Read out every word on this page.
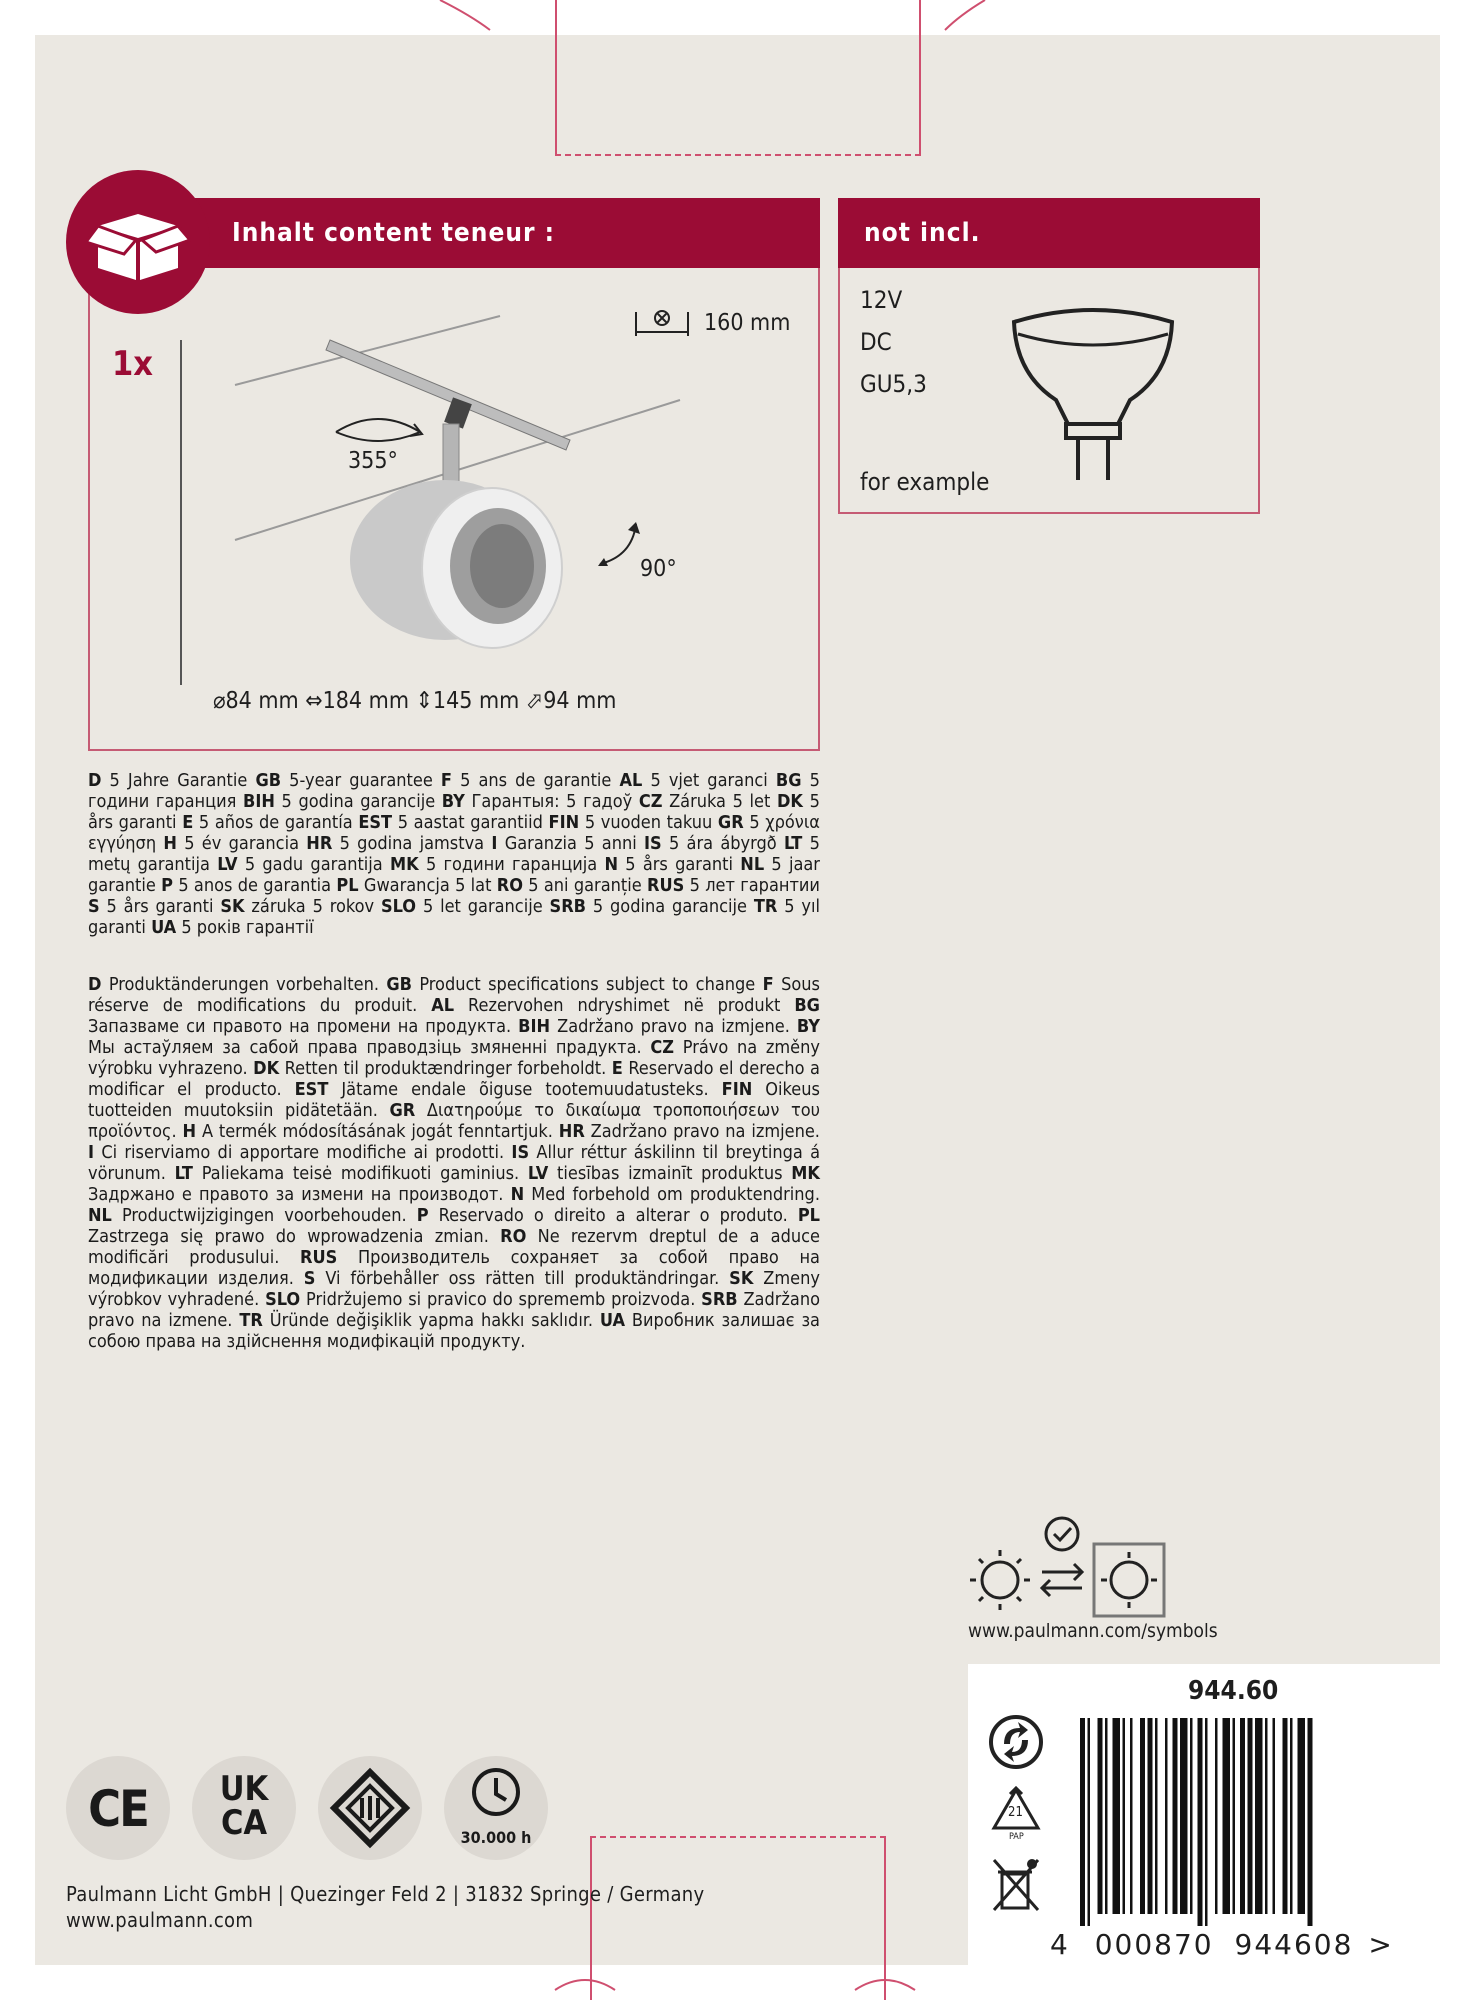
Inhalt content teneur :
1x
160 mm
355°
90°
⌀84 mm ⇔184 mm ⇕145 mm ⬀94 mm
not incl.
12V
DC
GU5,3
for example
D 5 Jahre Garantie GB 5-year guarantee F 5 ans de garantie AL 5 vjet garanci BG 5 години гаранция BIH 5 godina garancije BY Гарантыя: 5 гадоў CZ Záruka 5 let DK 5 års garanti E 5 años de garantía EST 5 aastat garantiid FIN 5 vuoden takuu GR 5 χρόνια εγγύηση H 5 év garancia HR 5 godina jamstva I Garanzia 5 anni IS 5 ára ábyrgð LT 5 metų garantija LV 5 gadu garantija MK 5 години гаранција N 5 års garanti NL 5 jaar garantie P 5 anos de garantia PL Gwarancja 5 lat RO 5 ani garanție RUS 5 лет гарантии S 5 års garanti SK záruka 5 rokov SLO 5 let garancije SRB 5 godina garancije TR 5 yıl garanti UA 5 років гарантії
D Produktänderungen vorbehalten. GB Product specifications subject to change F Sous réserve de modifications du produit. AL Rezervohen ndryshimet në produkt BG Запазваме си правото на промени на продукта. BIH Zadržano pravo na izmjene. BY Мы астаўляем за сабой права праводзіць змяненні прадукта. CZ Právo na změny výrobku vyhrazeno. DK Retten til produktændringer forbeholdt. E Reservado el derecho a modificar el producto. EST Jätame endale õiguse tootemuudatusteks. FIN Oikeus tuotteiden muutoksiin pidätetään. GR Διατηρούμε το δικαίωμα τροποποιήσεων του προϊόντος. H A termék módosításának jogát fenntartjuk. HR Zadržano pravo na izmjene. I Ci riserviamo di apportare modifiche ai prodotti. IS Allur réttur áskilinn til breytinga á vörunum. LT Paliekama teisė modifikuoti gaminius. LV tiesības izmainīt produktus MK Задржано е правото за измени на производот. N Med forbehold om produktendring. NL Productwijzigingen voorbehouden. P Reservado o direito a alterar o produto. PL Zastrzega się prawo do wprowadzenia zmian. RO Ne rezervm dreptul de a aduce modificări produsului. RUS Производитель сохраняет за собой право на модификации изделия. S Vi förbehåller oss rätten till produktändringar. SK Zmeny výrobkov vyhradené. SLO Pridržujemo si pravico do sprememb proizvoda. SRB Zadržano pravo na izmene. TR Üründe değişiklik yapma hakkı saklıdır. UA Виробник залишає за собою права на здійснення модифікацій продукту.
www.paulmann.com/symbols
944.60
4 000870 944608 >
21
PAP
CE	UK
CA	30.000 h
Paulmann Licht GmbH | Quezinger Feld 2 | 31832 Springe / Germany
www.paulmann.com
